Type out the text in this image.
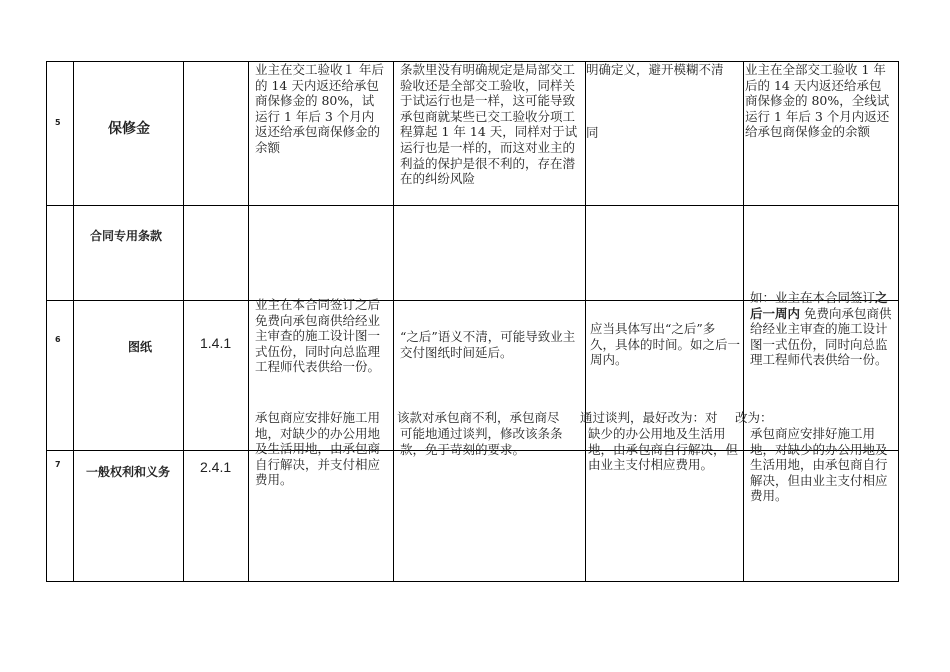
5	保修金
业主在交工验收１ 年后的 14 天内返还给承包商保修金的 80%，试运行 1 年后 3 个月内返还给承包商保修金的余额
条款里没有明确规定是局部交工验收还是全部交工验收，同样关于试运行也是一样，这可能导致承包商就某些已交工验收分项工程算起 1 年 14 天，同样对于试运行也是一样的，而这对业主的利益的保护是很不利的，存在潜在的纠纷风险
明确定义，避开模糊不清
同
业主在全部交工验收 1 年后的 14 天内返还给承包商保修金的 80%，全线试运行 1 年后 3 个月内返还给承包商保修金的余额
合同专用条款
6
图纸	1.4.1
业主在本合同签订之后免费向承包商供给经业主审查的施工设计图一式伍份，同时向总监理工程师代表供给一份。
“之后”语义不清，可能导致业主交付图纸时间延后。
应当具体写出“之后”多久，具体的时间。如之后一周内。
如：业主在本合同签订之后一周内 免费向承包商供给经业主审查的施工设计图一式伍份，同时向总监理工程师代表供给一份。
7
一般权利和义务 2.4.1
承包商应安排好施工用地，对缺少的办公用地及生活用地，由承包商自行解决，并支付相应费用。
该款对承包商不利，承包商尽
可能地通过谈判，修改该条条款，免于苛刻的要求。
通过谈判，最好改为：对
缺少的办公用地及生活用地，由承包商自行解决，但由业主支付相应费用。
改为：
承包商应安排好施工用地，对缺少的办公用地及生活用地，由承包商自行解决，但由业主支付相应费用。
